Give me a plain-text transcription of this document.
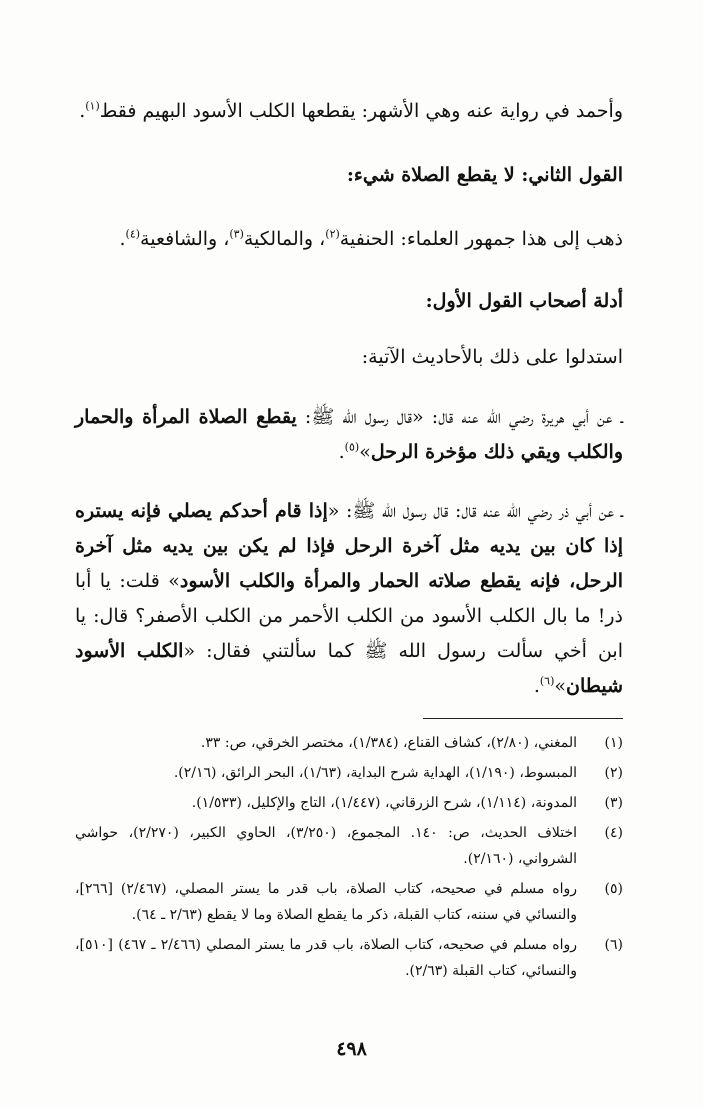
وأحمد في رواية عنه وهي الأشهر: يقطعها الكلب الأسود البهيم فقط$^{(١)}$.
القول الثاني: لا يقطع الصلاة شيء:
ذهب إلى هذا جمهور العلماء: الحنفية$^{(٢)}$، والمالكية$^{(٣)}$، والشافعية$^{(٤)}$.
أدلة أصحاب القول الأول:
استدلوا على ذلك بالأحاديث الآتية:
ـ عن أبي هريرة رضي الله عنه قال: «قال رسول الله ﷺ: يقطع الصلاة المرأة والحمار والكلب ويقي ذلك مؤخرة الرحل»$^{(٥)}$.
ـ عن أبي ذر رضي الله عنه قال: قال رسول الله ﷺ: «إذا قام أحدكم يصلي فإنه يستره إذا كان بين يديه مثل آخرة الرحل فإذا لم يكن بين يديه مثل آخرة الرحل، فإنه يقطع صلاته الحمار والمرأة والكلب الأسود» قلت: يا أبا ذر! ما بال الكلب الأسود من الكلب الأحمر من الكلب الأصفر؟ قال: يا ابن أخي سألت رسول الله ﷺ كما سألتني فقال: «الكلب الأسود شيطان»$^{(٦)}$.
(١)
المغني، (٢/٨٠)، كشاف القناع، (١/٣٨٤)، مختصر الخرقي، ص: ٣٣.
(٢)
المبسوط، (١/١٩٠)، الهداية شرح البداية، (١/٦٣)، البحر الرائق، (٢/١٦).
(٣)
المدونة، (١/١١٤)، شرح الزرقاني، (١/٤٤٧)، التاج والإكليل، (١/٥٣٣).
(٤)
اختلاف الحديث، ص: ١٤٠. المجموع، (٣/٢٥٠)، الحاوي الكبير، (٢/٢٧٠)، حواشي الشرواني، (٢/١٦٠).
(٥)
رواه مسلم في صحيحه، كتاب الصلاة، باب قدر ما يستر المصلي، (٢/٤٦٧) [٢٦٦]، والنسائي في سننه، كتاب القبلة، ذكر ما يقطع الصلاة وما لا يقطع (٢/٦٣ ـ ٦٤).
(٦)
رواه مسلم في صحيحه، كتاب الصلاة، باب قدر ما يستر المصلي (٢/٤٦٦ ـ ٤٦٧) [٥١٠]، والنسائي، كتاب القبلة (٢/٦٣).
٤٩٨
